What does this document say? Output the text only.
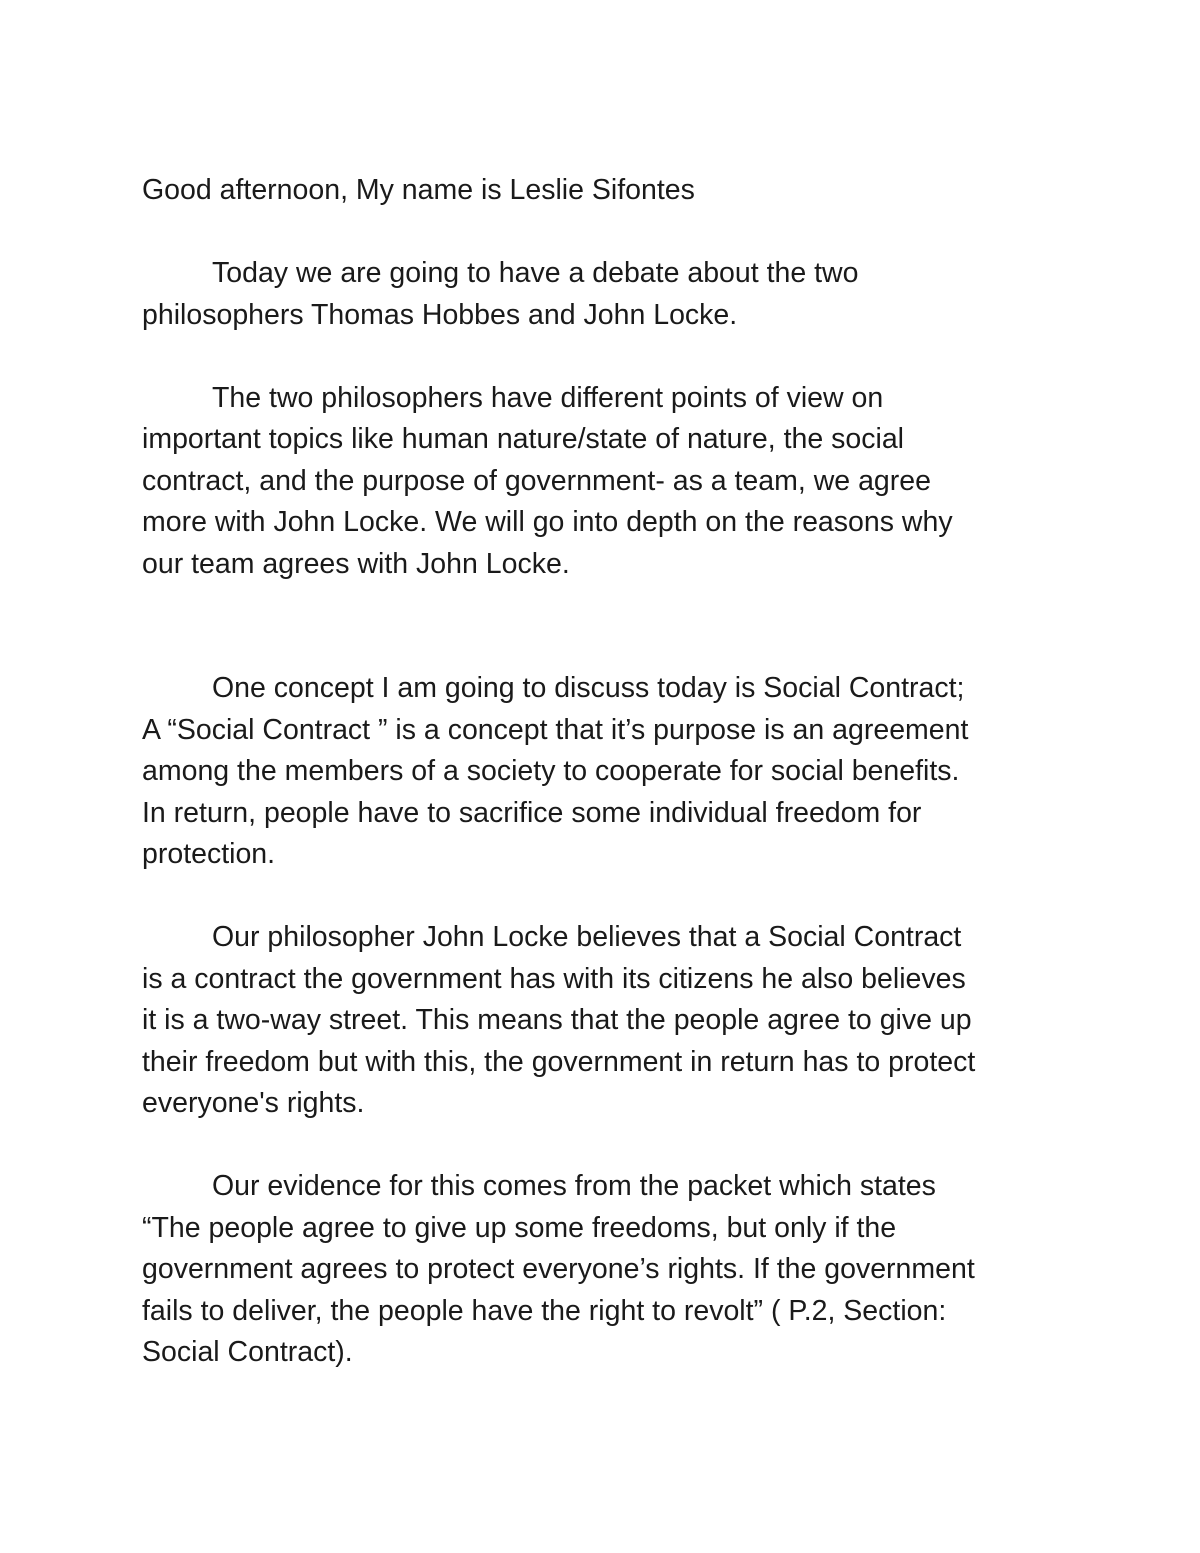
Good afternoon, My name is Leslie Sifontes

Today we are going to have a debate about the two
philosophers Thomas Hobbes and John Locke.

The two philosophers have different points of view on
important topics like human nature/state of nature, the social
contract, and the purpose of government- as a team, we agree
more with John Locke. We will go into depth on the reasons why
our team agrees with John Locke.

One concept I am going to discuss today is Social Contract;
A “Social Contract ” is a concept that it’s purpose is an agreement
among the members of a society to cooperate for social benefits.
In return, people have to sacrifice some individual freedom for
protection.

Our philosopher John Locke believes that a Social Contract
is a contract the government has with its citizens he also believes
it is a two-way street. This means that the people agree to give up
their freedom but with this, the government in return has to protect
everyone's rights.

Our evidence for this comes from the packet which states
“The people agree to give up some freedoms, but only if the
government agrees to protect everyone’s rights. If the government
fails to deliver, the people have the right to revolt” ( P.2, Section:
Social Contract).
